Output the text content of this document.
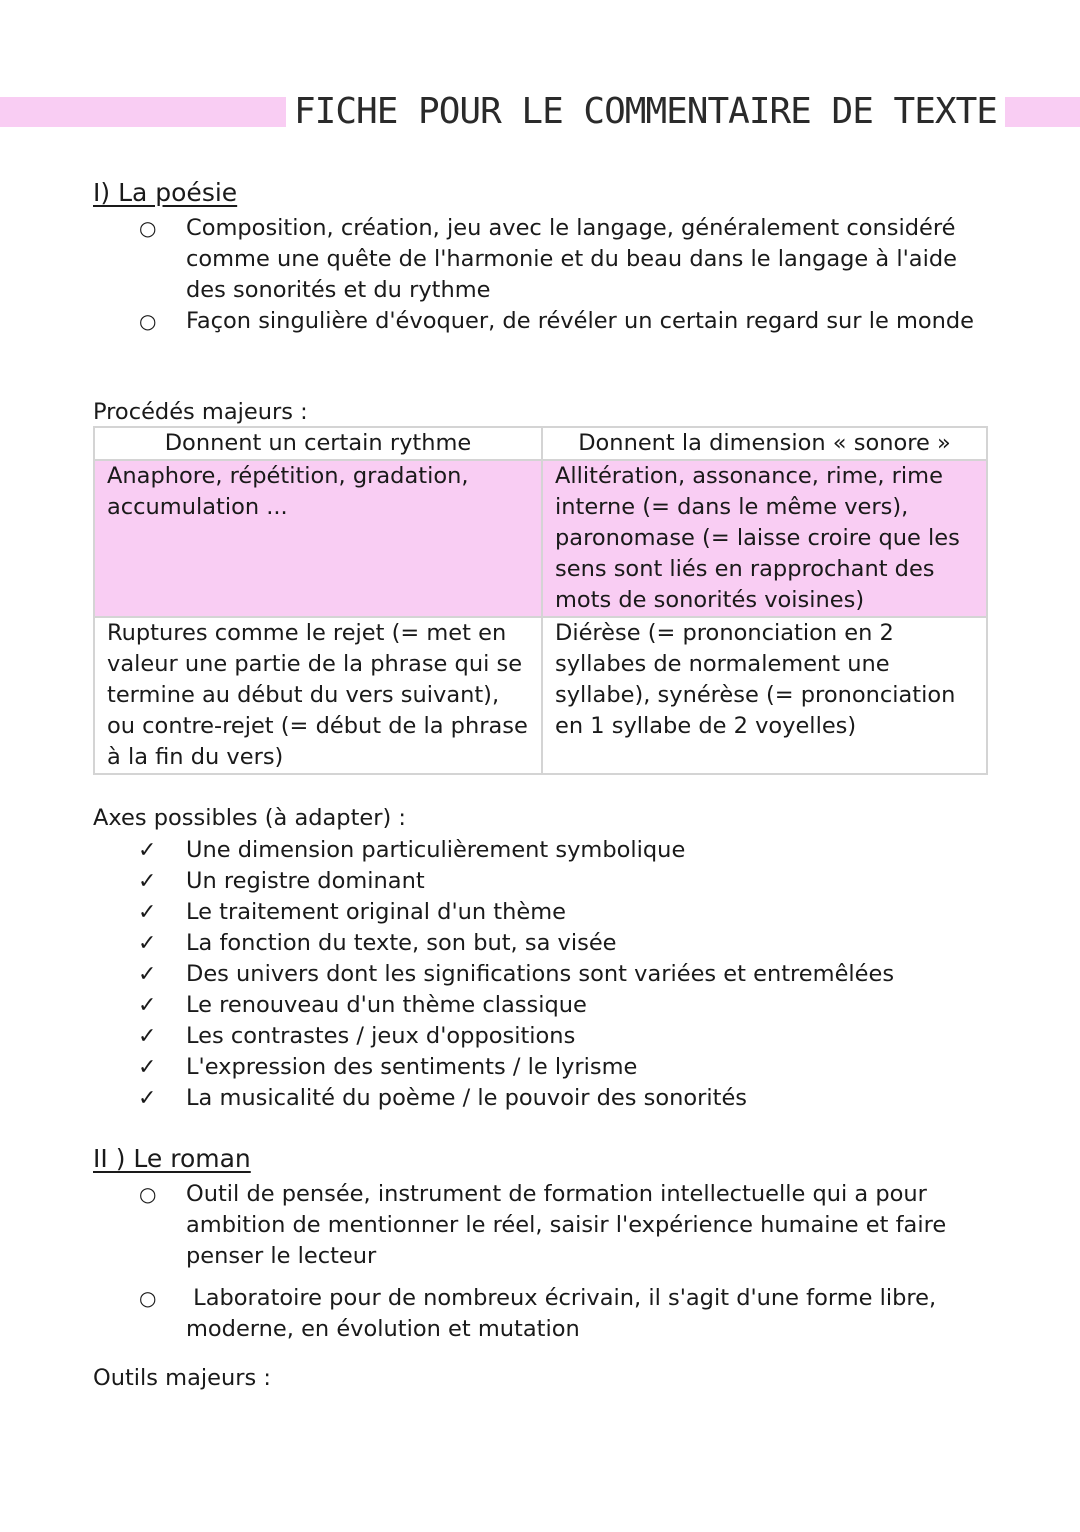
FICHE POUR LE COMMENTAIRE DE TEXTE
I) La poésie
○ Composition, création, jeu avec le langage, généralement considéré comme une quête de l'harmonie et du beau dans le langage à l'aide des sonorités et du rythme
○ Façon singulière d'évoquer, de révéler un certain regard sur le monde
Procédés majeurs :
Donnent un certain rythme	Donnent la dimension « sonore »
Anaphore, répétition, gradation, accumulation ...	Allitération, assonance, rime, rime interne (= dans le même vers), paronomase (= laisse croire que les sens sont liés en rapprochant des mots de sonorités voisines)
Ruptures comme le rejet (= met en valeur une partie de la phrase qui se termine au début du vers suivant), ou contre-rejet (= début de la phrase à la fin du vers)	Diérèse (= prononciation en 2 syllabes de normalement une syllabe), synérèse (= prononciation en 1 syllabe de 2 voyelles)
Axes possibles (à adapter) :
✓ Une dimension particulièrement symbolique
✓ Un registre dominant
✓ Le traitement original d'un thème
✓ La fonction du texte, son but, sa visée
✓ Des univers dont les significations sont variées et entremêlées
✓ Le renouveau d'un thème classique
✓ Les contrastes / jeux d'oppositions
✓ L'expression des sentiments / le lyrisme
✓ La musicalité du poème / le pouvoir des sonorités
II ) Le roman
○ Outil de pensée, instrument de formation intellectuelle qui a pour ambition de mentionner le réel, saisir l'expérience humaine et faire penser le lecteur
○ Laboratoire pour de nombreux écrivain, il s'agit d'une forme libre, moderne, en évolution et mutation
Outils majeurs :
